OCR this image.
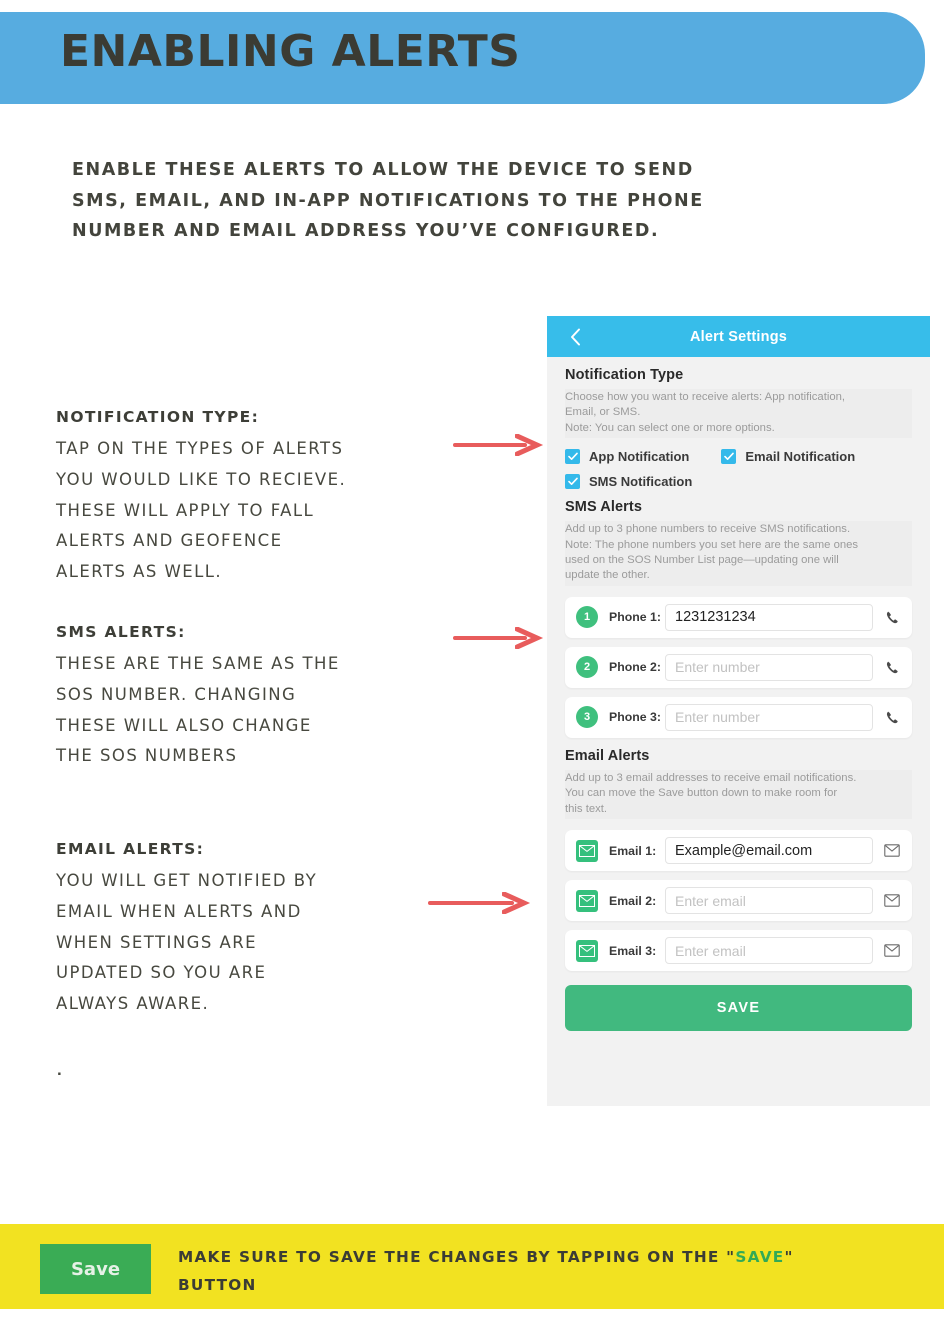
ENABLING ALERTS
ENABLE THESE ALERTS TO ALLOW THE DEVICE TO SEND
SMS, EMAIL, AND IN-APP NOTIFICATIONS TO THE PHONE
NUMBER AND EMAIL ADDRESS YOU’VE CONFIGURED.
NOTIFICATION TYPE:
TAP ON THE TYPES OF ALERTS
YOU WOULD LIKE TO RECIEVE.
THESE WILL APPLY TO FALL
ALERTS AND GEOFENCE
ALERTS AS WELL.
SMS ALERTS:
THESE ARE THE SAME AS THE
SOS NUMBER. CHANGING
THESE WILL ALSO CHANGE
THE SOS NUMBERS
EMAIL ALERTS:
YOU WILL GET NOTIFIED BY
EMAIL WHEN ALERTS AND
WHEN SETTINGS ARE
UPDATED SO YOU ARE
ALWAYS AWARE.
.
Alert Settings
Notification Type
Choose how you want to receive alerts: App notification,
Email, or SMS.
Note: You can select one or more options.
App Notification	Email Notification
SMS Notification
SMS Alerts
Add up to 3 phone numbers to receive SMS notifications.
Note: The phone numbers you set here are the same ones
used on the SOS Number List page—updating one will
update the other.
1	Phone 1: 1231231234
2	Phone 2:	Enter number
3	Phone 3:	Enter number
Email Alerts
Add up to 3 email addresses to receive email notifications.
You can move the Save button down to make room for
this text.
Email 1:	Example@email.com
Email 2:	Enter email
Email 3:	Enter email
SAVE
Save
MAKE SURE TO SAVE THE CHANGES BY TAPPING ON THE "SAVE"
BUTTON
